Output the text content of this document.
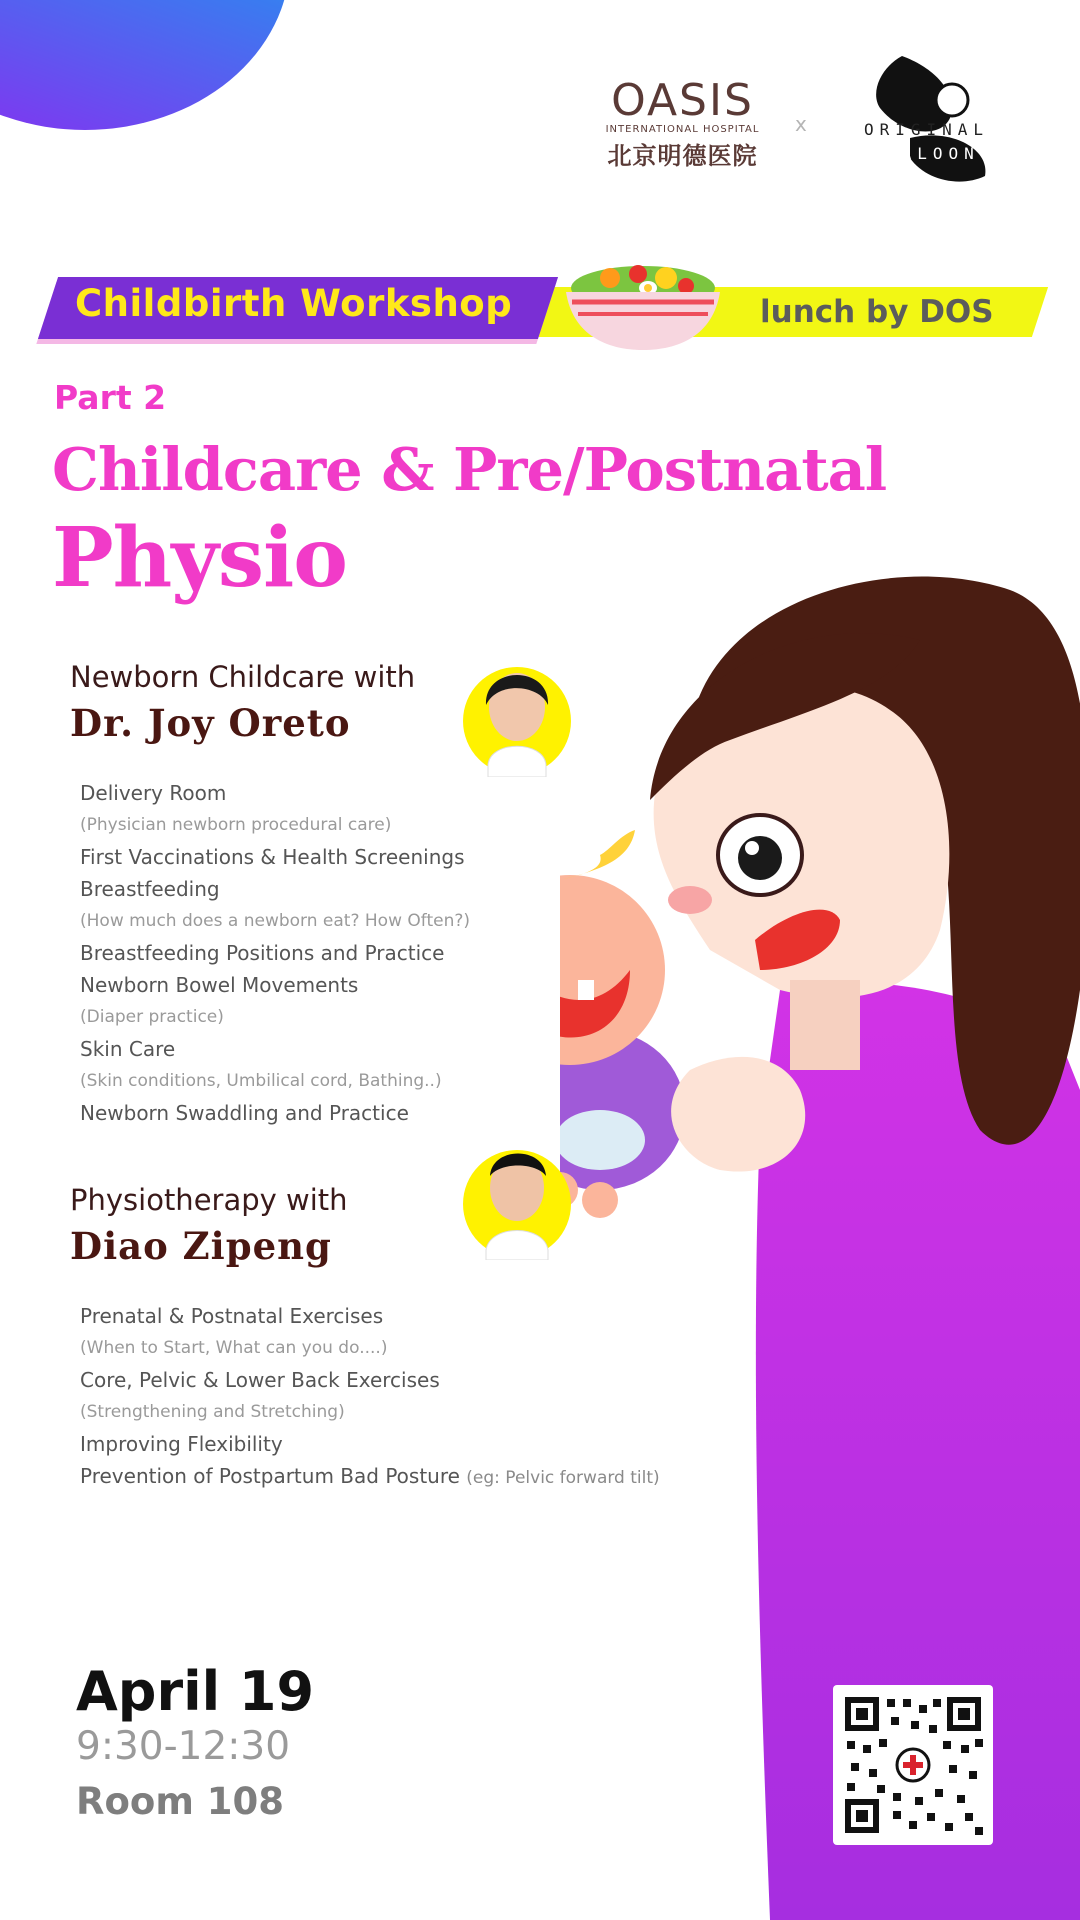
OASIS
INTERNATIONAL HOSPITAL
北京明德医院
x
DO
ORIGINAL
SALOON
Childbirth Workshop	lunch by DOS
Part 2
Childcare & Pre/Postnatal
Physio
Newborn Childcare with
Dr. Joy Oreto
Delivery Room
(Physician newborn procedural care)
First Vaccinations & Health Screenings
Breastfeeding
(How much does a newborn eat? How Often?)
Breastfeeding Positions and Practice
Newborn Bowel Movements
(Diaper practice)
Skin Care
(Skin conditions, Umbilical cord, Bathing..)
Newborn Swaddling and Practice
Physiotherapy with
Diao Zipeng
Prenatal & Postnatal Exercises
(When to Start, What can you do....)
Core, Pelvic & Lower Back Exercises
(Strengthening and Stretching)
Improving Flexibility
Prevention of Postpartum Bad Posture (eg: Pelvic forward tilt)
April 19
9:30-12:30
Room 108
